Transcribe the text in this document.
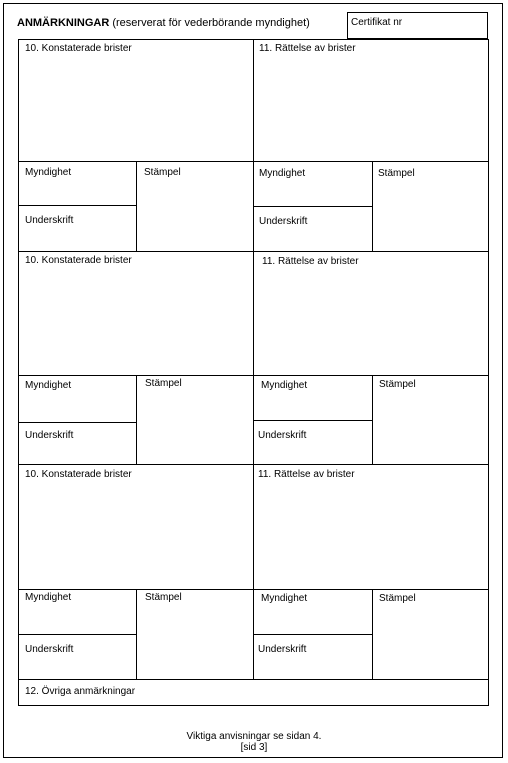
ANMÄRKNINGAR (reserverat för vederbörande myndighet)	Certifikat nr
10. Konstaterade brister	11. Rättelse av brister
Myndighet
Underskrift
Stämpel	Myndighet
Underskrift
Stämpel
10. Konstaterade brister	11. Rättelse av brister
Myndighet
Underskrift
Stämpel	Myndighet
Underskrift
Stämpel
10. Konstaterade brister	11. Rättelse av brister
Myndighet
Underskrift
Stämpel	Myndighet
Underskrift
Stämpel
12. Övriga anmärkningar
Viktiga anvisningar se sidan 4.
[sid 3]
